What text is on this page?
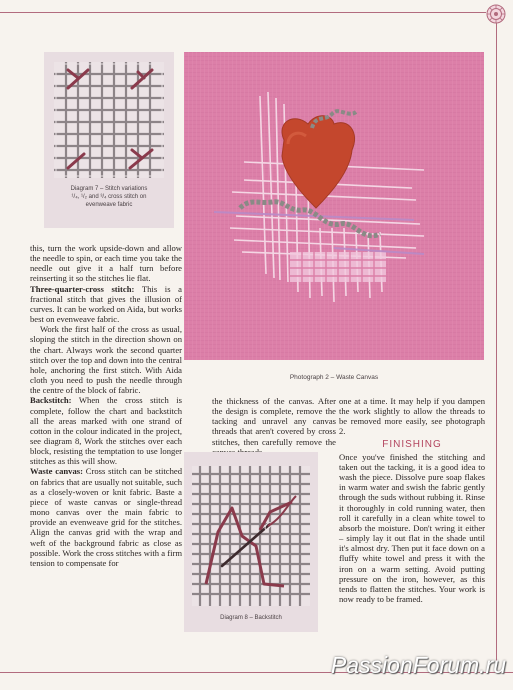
Diagram 7 – Stitch variations
¹/₄, ¹/₂ and ³/₄ cross stitch on
evenweave fabric
Photograph 2 – Waste Canvas

this, turn the work upside-down and allow the needle to spin, or each time you take the needle out give it a half turn before reinserting it so the stitches lie flat.

Three-quarter-cross stitch: This is a fractional stitch that gives the illusion of curves. It can be worked on Aida, but works best on evenweave fabric.

Work the first half of the cross as usual, sloping the stitch in the direction shown on the chart. Always work the second quarter stitch over the top and down into the central hole, anchoring the first stitch. With Aida cloth you need to push the needle through the centre of the block of fabric.

Backstitch: When the cross stitch is complete, follow the chart and backstitch all the areas marked with one strand of cotton in the colour indicated in the project, see diagram 8, Work the stitches over each block, resisting the temptation to use longer stitches as this will show.

Waste canvas: Cross stitch can be stitched on fabrics that are usually not suitable, such as a closely-woven or knit fabric. Baste a piece of waste canvas or single-thread mono canvas over the main fabric to provide an evenweave grid for the stitches. Align the canvas grid with the wrap and weft of the background fabric as close as possible. Work the cross stitches with a firm tension to compensate for

the thickness of the canvas. After the design is complete, remove the tacking and unravel any canvas threads that aren't covered by cross stitches, then carefully remove the

Diagram 8 – Backstitch

one at a time. It may help if you dampen the work slightly to allow the threads to be removed more easily, see photograph 2.

FINISHING

Once you've finished the stitching and taken out the tacking, it is a good idea to wash the piece. Dissolve pure soap flakes in warm water and swish the fabric gently through the suds without rubbing it. Rinse it thoroughly in cold running water, then roll it carefully in a clean white towel to absorb the moisture. Don't wring it either – simply lay it out flat in the shade until it's almost dry. Then put it face down on a fluffy white towel and press it with the iron on a warm setting. Avoid putting pressure on the iron, however, as this tends to flatten the stitches. Your work is now ready to be framed.

PassionForum.ru
